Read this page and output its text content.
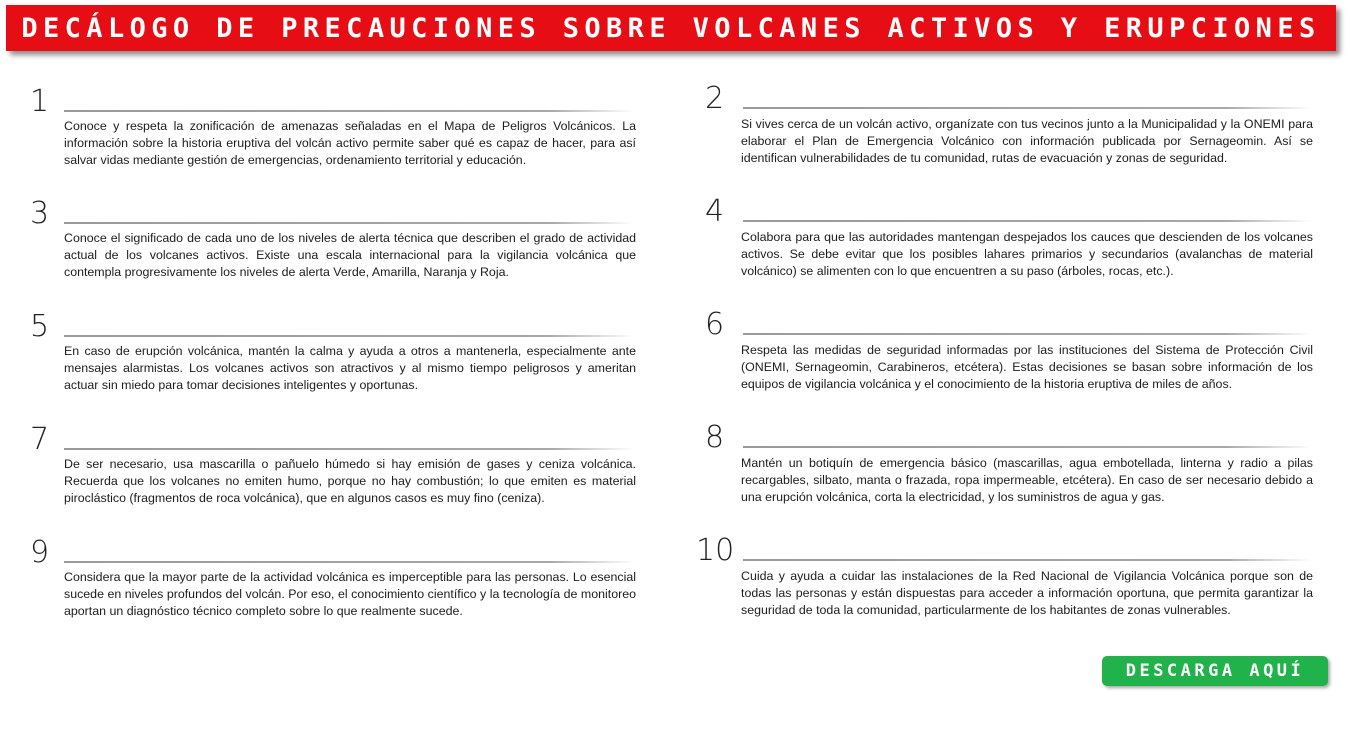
DECÁLOGO DE PRECAUCIONES SOBRE VOLCANES ACTIVOS Y ERUPCIONES
1

Conoce y respeta la zonificación de amenazas señaladas en el Mapa de Peligros Volcánicos. La información sobre la historia eruptiva del volcán activo permite saber qué es capaz de hacer, para así salvar vidas mediante gestión de emergencias, ordenamiento territorial y educación.

3

Conoce el significado de cada uno de los niveles de alerta técnica que describen el grado de actividad actual de los volcanes activos. Existe una escala internacional para la vigilancia volcánica que contempla progresivamente los niveles de alerta Verde, Amarilla, Naranja y Roja.

5

En caso de erupción volcánica, mantén la calma y ayuda a otros a mantenerla, especialmente ante mensajes alarmistas. Los volcanes activos son atractivos y al mismo tiempo peligrosos y ameritan actuar sin miedo para tomar decisiones inteligentes y oportunas.

7

De ser necesario, usa mascarilla o pañuelo húmedo si hay emisión de gases y ceniza volcánica. Recuerda que los volcanes no emiten humo, porque no hay combustión; lo que emiten es material piroclástico (fragmentos de roca volcánica), que en algunos casos es muy fino (ceniza).

9

Considera que la mayor parte de la actividad volcánica es imperceptible para las personas. Lo esencial sucede en niveles profundos del volcán. Por eso, el conocimiento científico y la tecnología de monitoreo aportan un diagnóstico técnico completo sobre lo que realmente sucede.

2

Si vives cerca de un volcán activo, organízate con tus vecinos junto a la Municipalidad y la ONEMI para elaborar el Plan de Emergencia Volcánico con información publicada por Sernageomin. Así se identifican vulnerabilidades de tu comunidad, rutas de evacuación y zonas de seguridad.

4

Colabora para que las autoridades mantengan despejados los cauces que descienden de los volcanes activos. Se debe evitar que los posibles lahares primarios y secundarios (avalanchas de material volcánico) se alimenten con lo que encuentren a su paso (árboles, rocas, etc.).

6

Respeta las medidas de seguridad informadas por las instituciones del Sistema de Protección Civil (ONEMI, Sernageomin, Carabineros, etcétera). Estas decisiones se basan sobre información de los equipos de vigilancia volcánica y el conocimiento de la historia eruptiva de miles de años.

8

Mantén un botiquín de emergencia básico (mascarillas, agua embotellada, linterna y radio a pilas recargables, silbato, manta o frazada, ropa impermeable, etcétera). En caso de ser necesario debido a una erupción volcánica, corta la electricidad, y los suministros de agua y gas.

10

Cuida y ayuda a cuidar las instalaciones de la Red Nacional de Vigilancia Volcánica porque son de todas las personas y están dispuestas para acceder a información oportuna, que permita garantizar la seguridad de toda la comunidad, particularmente de los habitantes de zonas vulnerables.

DESCARGA AQUÍ
